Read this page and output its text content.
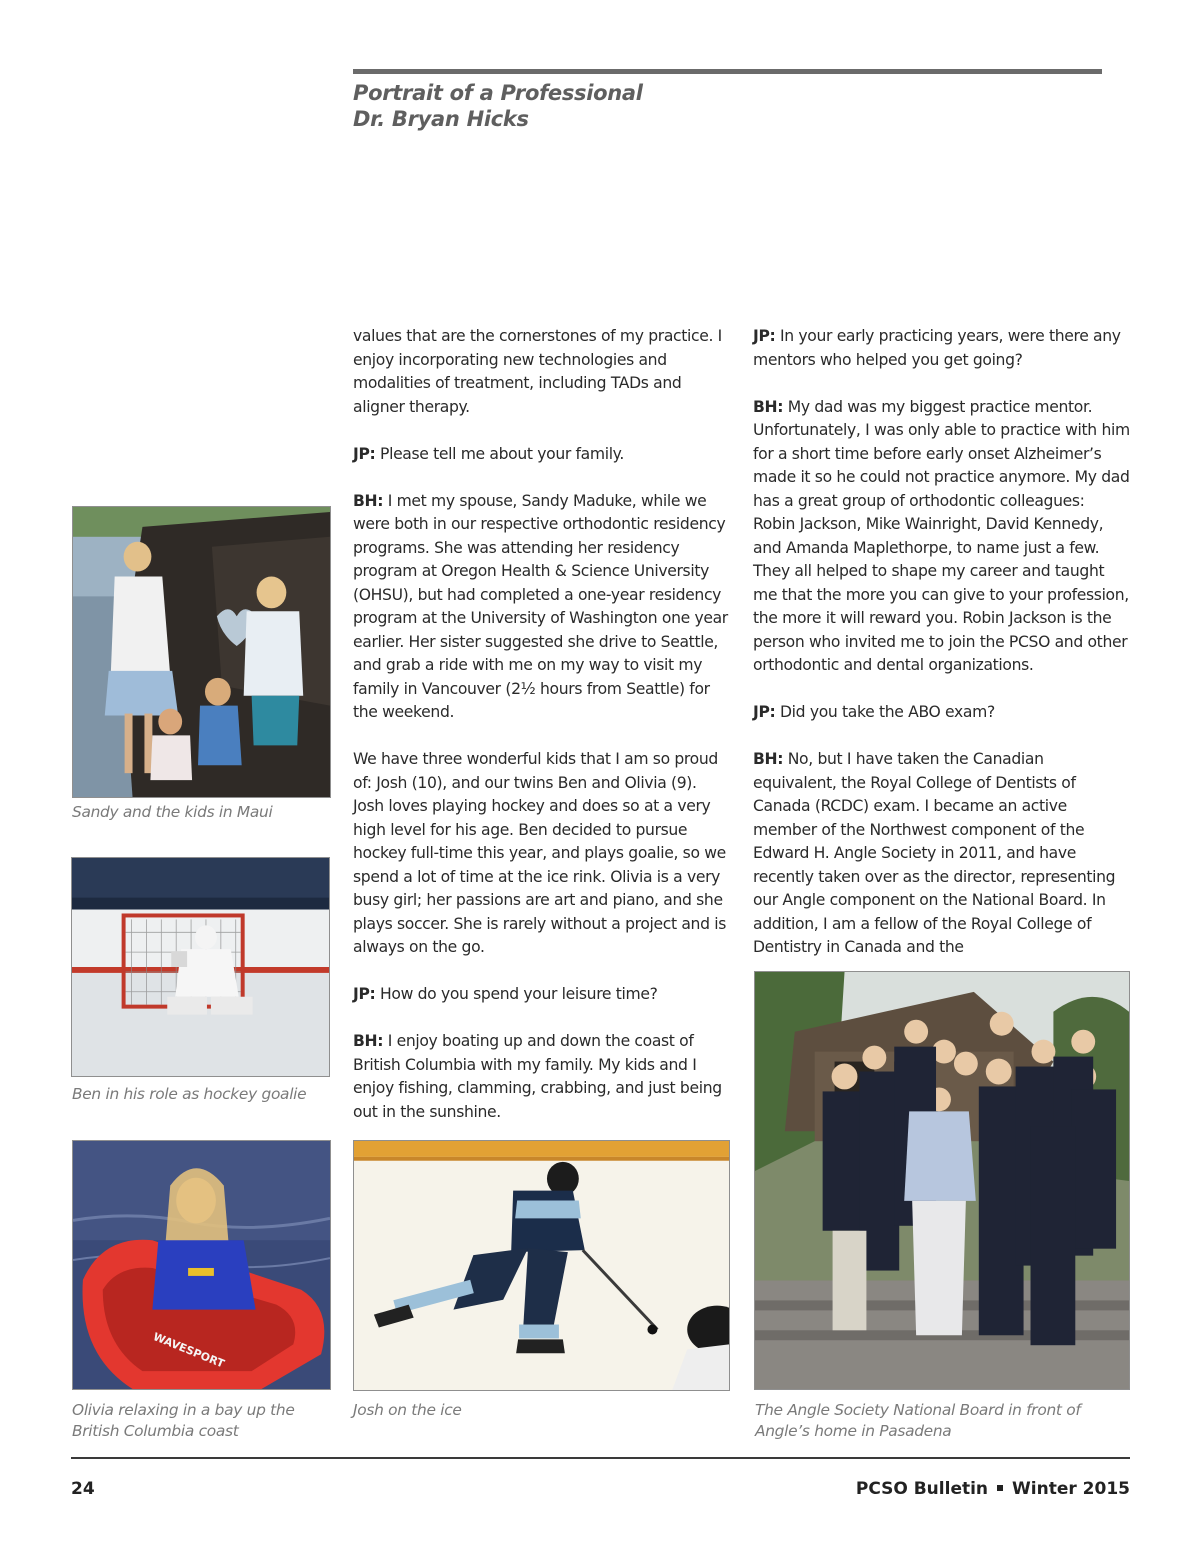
Portrait of a Professional
Dr. Bryan Hicks

values that are the cornerstones of my practice. I enjoy incorporating new technologies and modalities of treatment, including TADs and aligner therapy.

JP: Please tell me about your family.

BH: I met my spouse, Sandy Maduke, while we were both in our respective orthodontic residency programs. She was attending her residency program at Oregon Health & Science University (OHSU), but had completed a one-year residency program at the University of Washington one year earlier. Her sister suggested she drive to Seattle, and grab a ride with me on my way to visit my family in Vancouver (2½ hours from Seattle) for the weekend.

We have three wonderful kids that I am so proud of: Josh (10), and our twins Ben and Olivia (9). Josh loves playing hockey and does so at a very high level for his age. Ben decided to pursue hockey full-time this year, and plays goalie, so we spend a lot of time at the ice rink. Olivia is a very busy girl; her passions are art and piano, and she plays soccer. She is rarely without a project and is always on the go.

JP: How do you spend your leisure time?

BH: I enjoy boating up and down the coast of British Columbia with my family. My kids and I enjoy fishing, clamming, crabbing, and just being out in the sunshine.

JP: In your early practicing years, were there any mentors who helped you get going?

BH: My dad was my biggest practice mentor. Unfortunately, I was only able to practice with him for a short time before early onset Alzheimer’s made it so he could not practice anymore. My dad has a great group of orthodontic colleagues: Robin Jackson, Mike Wainright, David Kennedy, and Amanda Maplethorpe, to name just a few. They all helped to shape my career and taught me that the more you can give to your profession, the more it will reward you. Robin Jackson is the person who invited me to join the PCSO and other orthodontic and dental organizations.

JP: Did you take the ABO exam?

BH: No, but I have taken the Canadian equivalent, the Royal College of Dentists of Canada (RCDC) exam. I became an active member of the Northwest component of the Edward H. Angle Society in 2011, and have recently taken over as the director, representing our Angle component on the National Board. In addition, I am a fellow of the Royal College of Dentistry in Canada and the

Sandy and the kids in Maui
Ben in his role as hockey goalie
WAVESPORT
Olivia relaxing in a bay up the British Columbia coast
Josh on the ice	The Angle Society National Board in front of Angle’s home in Pasadena
24	PCSO Bulletin Winter 2015
